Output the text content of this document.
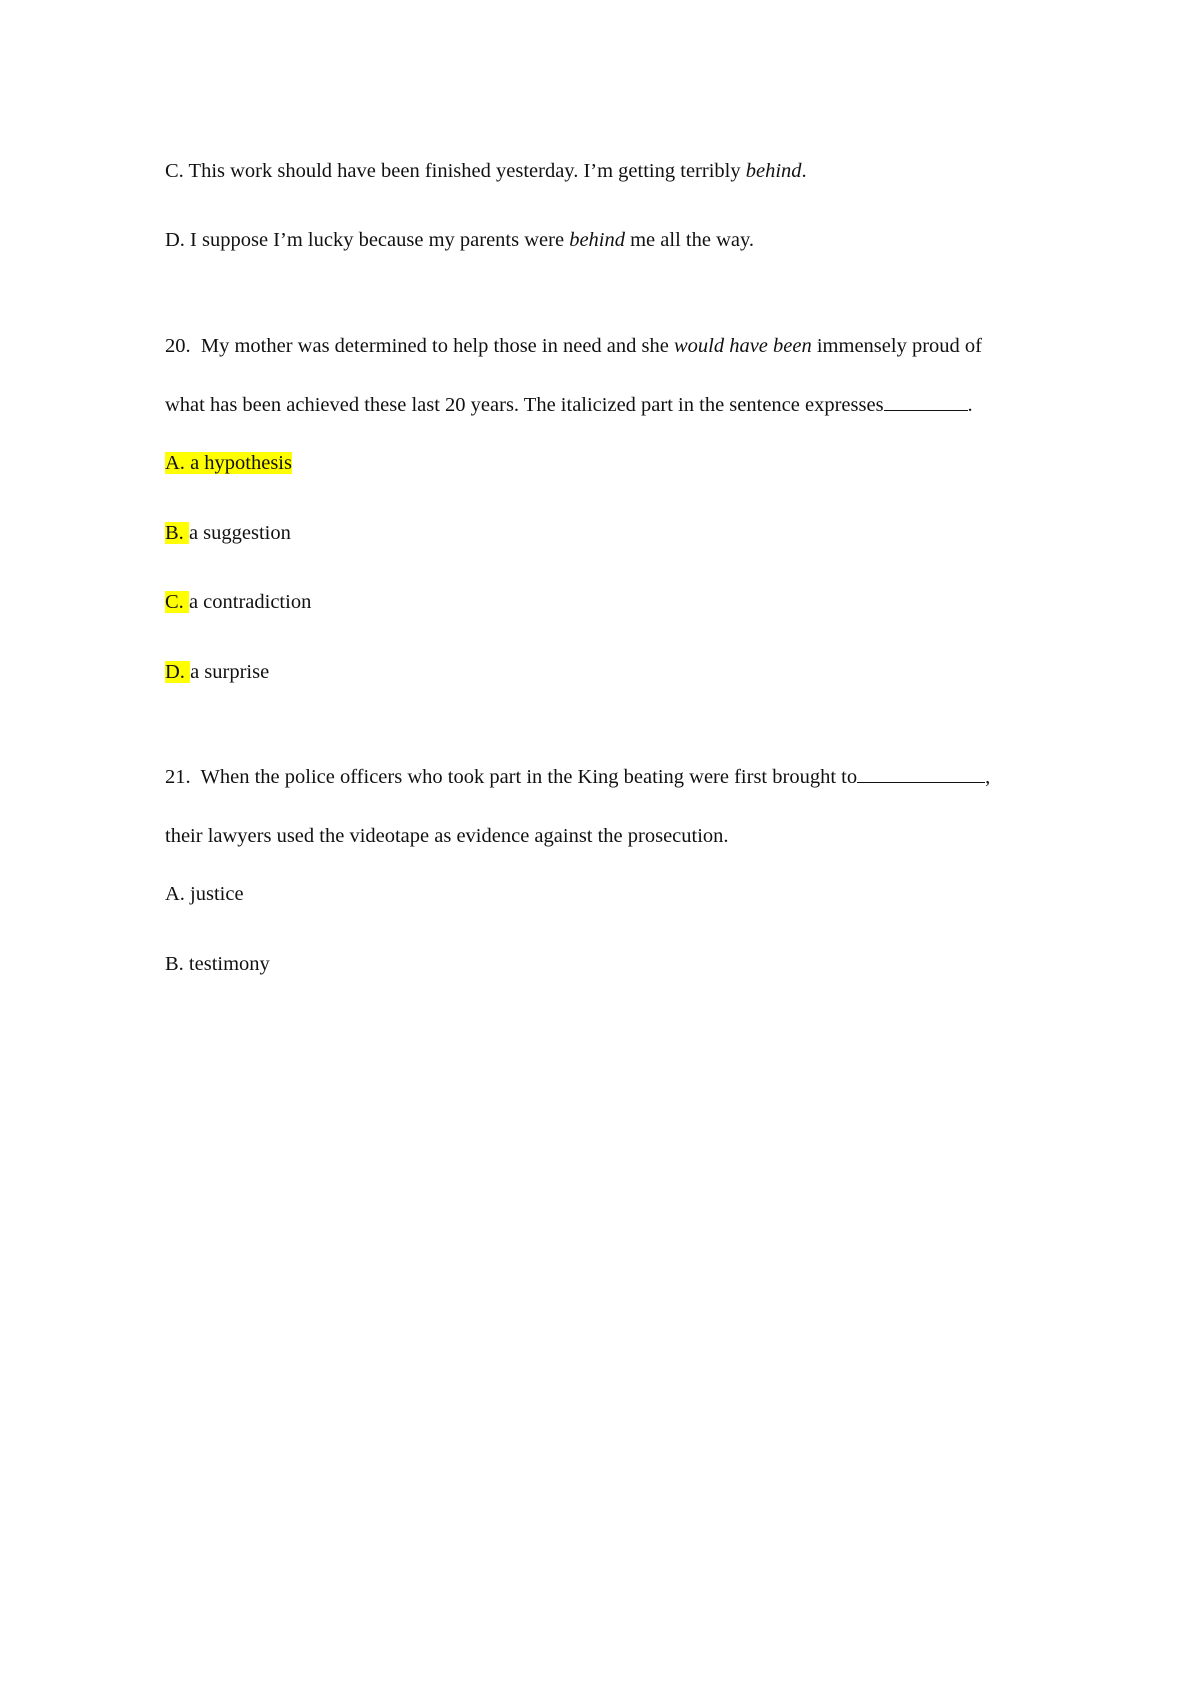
C. This work should have been finished yesterday. I’m getting terribly behind.
D. I suppose I’m lucky because my parents were behind me all the way.
20.  My mother was determined to help those in need and she would have been immensely proud of
what has been achieved these last 20 years. The italicized part in the sentence expresses	.
A. a hypothesis
B. a suggestion
C. a contradiction
D. a surprise
21.  When the police officers who took part in the King beating were first brought to	,
their lawyers used the videotape as evidence against the prosecution.
A. justice
B. testimony
